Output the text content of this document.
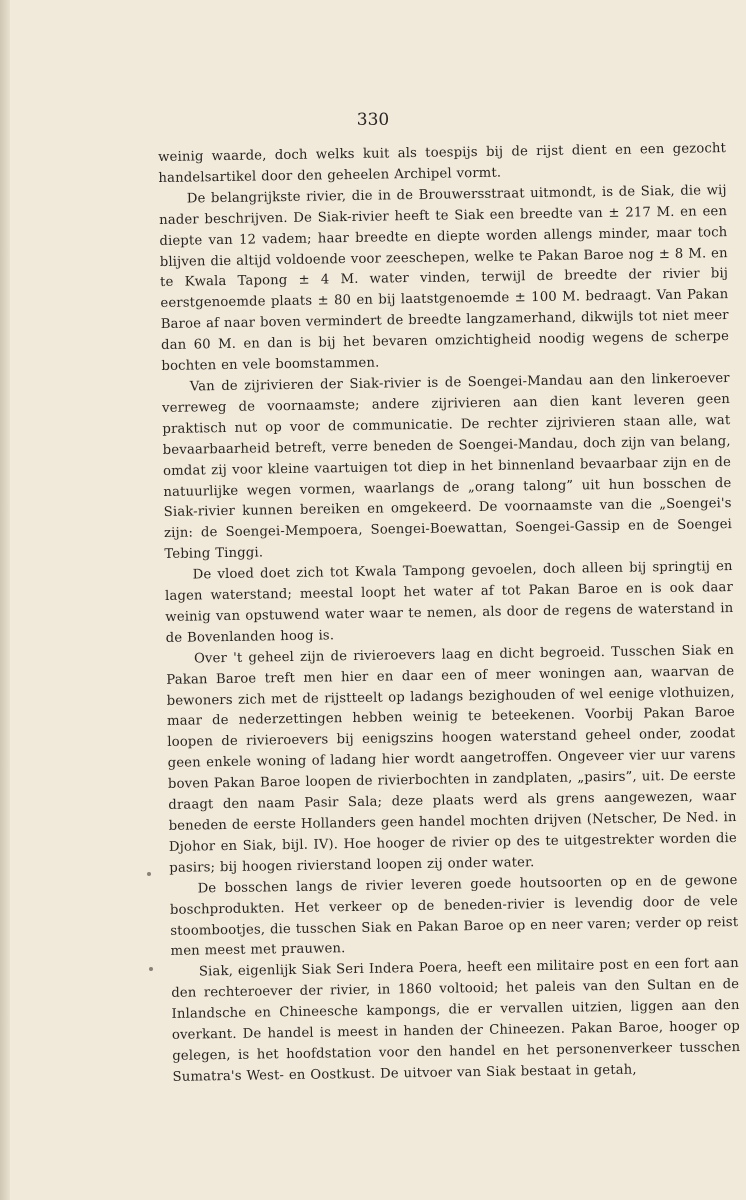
330

weinig waarde, doch welks kuit als toespijs bij de rijst dient en een gezocht handelsartikel door den geheelen Archipel vormt.

De belangrijkste rivier, die in de Brouwersstraat uitmondt, is de Siak, die wij nader beschrijven. De Siak-rivier heeft te Siak een breedte van ± 217 M. en een diepte van 12 vadem; haar breedte en diepte worden allengs minder, maar toch blijven die altijd voldoende voor zeeschepen, welke te Pakan Baroe nog ± 8 M. en te Kwala Tapong ± 4 M. water vinden, terwijl de breedte der rivier bij eerstgenoemde plaats ± 80 en bij laatstgenoemde ± 100 M. bedraagt. Van Pakan Baroe af naar boven vermindert de breedte langzamerhand, dikwijls tot niet meer dan 60 M. en dan is bij het bevaren omzichtigheid noodig wegens de scherpe bochten en vele boomstammen.

Van de zijrivieren der Siak-rivier is de Soengei-Mandau aan den linkeroever verreweg de voornaamste; andere zijrivieren aan dien kant leveren geen praktisch nut op voor de communicatie. De rechter zijrivieren staan alle, wat bevaarbaarheid betreft, verre beneden de Soengei-Mandau, doch zijn van belang, omdat zij voor kleine vaartuigen tot diep in het binnenland bevaarbaar zijn en de natuurlijke wegen vormen, waarlangs de „orang talong” uit hun bosschen de Siak-rivier kunnen bereiken en omgekeerd. De voornaamste van die „Soengei's zijn: de Soengei-Mempoera, Soengei-Boewattan, Soengei-Gassip en de Soengei Tebing Tinggi.

De vloed doet zich tot Kwala Tampong gevoelen, doch alleen bij springtij en lagen waterstand; meestal loopt het water af tot Pakan Baroe en is ook daar weinig van opstuwend water waar te nemen, als door de regens de waterstand in de Bovenlanden hoog is.

Over 't geheel zijn de rivieroevers laag en dicht begroeid. Tusschen Siak en Pakan Baroe treft men hier en daar een of meer woningen aan, waarvan de bewoners zich met de rijstteelt op ladangs bezighouden of wel eenige vlothuizen, maar de nederzettingen hebben weinig te beteekenen. Voorbij Pakan Baroe loopen de rivieroevers bij eenigszins hoogen waterstand geheel onder, zoodat geen enkele woning of ladang hier wordt aangetroffen. Ongeveer vier uur varens boven Pakan Baroe loopen de rivierbochten in zandplaten, „pasirs”, uit. De eerste draagt den naam Pasir Sala; deze plaats werd als grens aangewezen, waar beneden de eerste Hollanders geen handel mochten drijven (Netscher, De Ned. in Djohor en Siak, bijl. IV). Hoe hooger de rivier op des te uitgestrekter worden die pasirs; bij hoogen rivierstand loopen zij onder water.

De bosschen langs de rivier leveren goede houtsoorten op en de gewone boschprodukten. Het verkeer op de beneden-rivier is levendig door de vele stoombootjes, die tusschen Siak en Pakan Baroe op en neer varen; verder op reist men meest met prauwen.

Siak, eigenlijk Siak Seri Indera Poera, heeft een militaire post en een fort aan den rechteroever der rivier, in 1860 voltooid; het paleis van den Sultan en de Inlandsche en Chineesche kampongs, die er vervallen uitzien, liggen aan den overkant. De handel is meest in handen der Chineezen. Pakan Baroe, hooger op gelegen, is het hoofdstation voor den handel en het personenverkeer tusschen Sumatra's West- en Oostkust. De uitvoer van Siak bestaat in getah,
